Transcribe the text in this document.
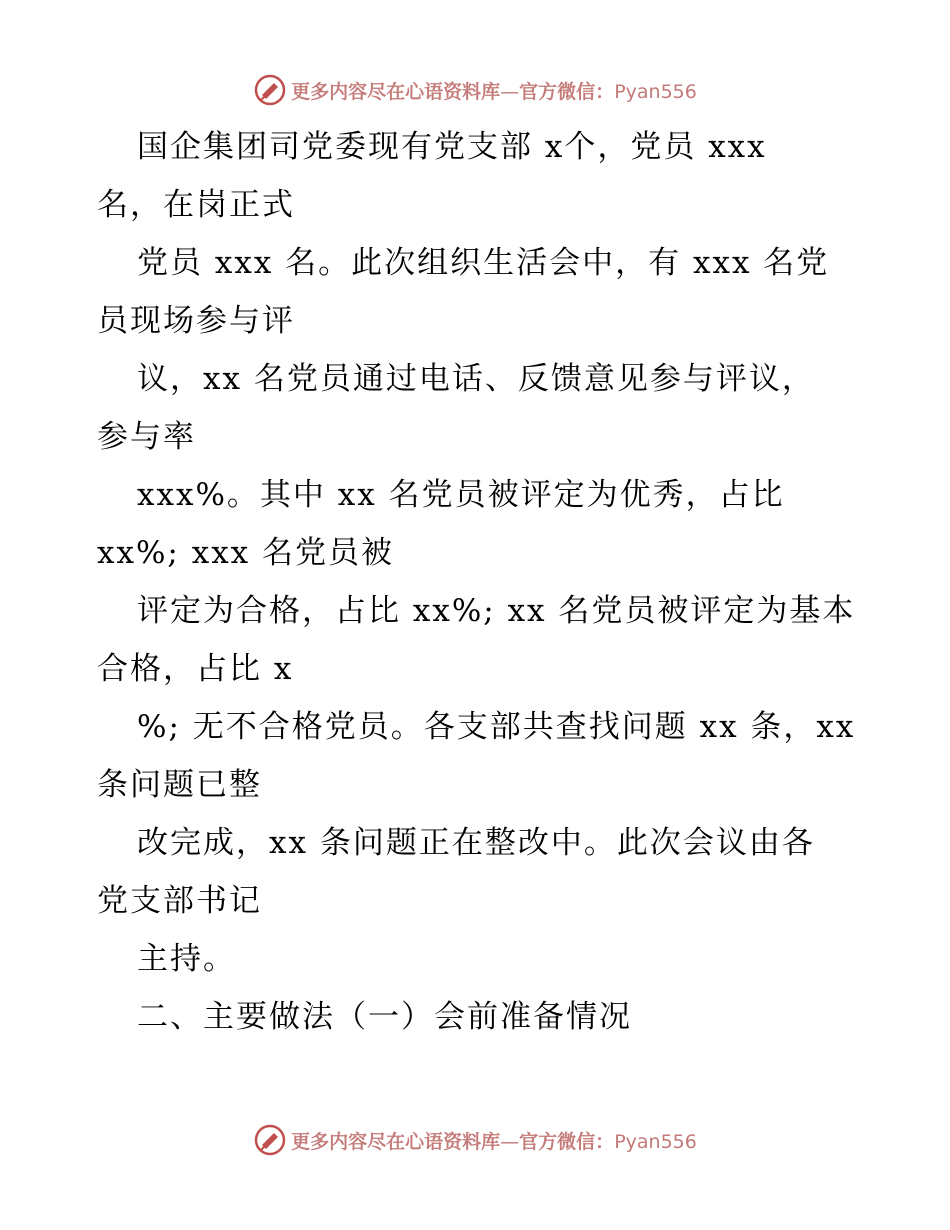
更多内容尽在心语资料库—官方微信：Pyan556
国企集团司党委现有党支部 x个，党员 xxx
名，在岗正式
党员 xxx 名。此次组织生活会中，有 xxx 名党
员现场参与评
议，xx 名党员通过电话、反馈意见参与评议，
参与率
xxx%。其中 xx 名党员被评定为优秀，占比
xx%; xxx 名党员被
评定为合格，占比 xx%; xx 名党员被评定为基本
合格，占比 x
%; 无不合格党员。各支部共查找问题 xx 条，xx
条问题已整
改完成，xx 条问题正在整改中。此次会议由各
党支部书记
主持。
二、主要做法（一）会前准备情况
更多内容尽在心语资料库—官方微信：Pyan556
